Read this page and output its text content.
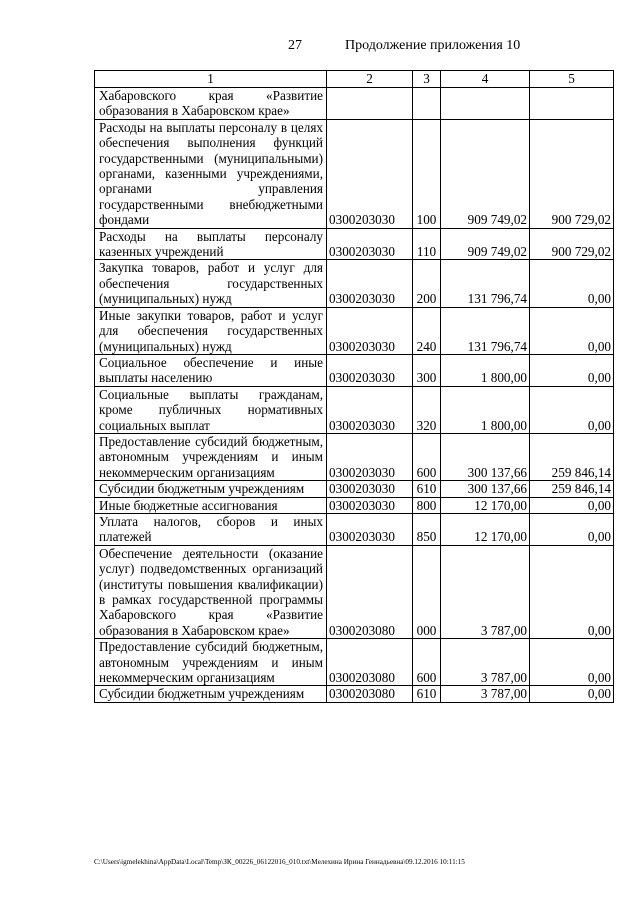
27	Продолжение приложения 10
1	2	3	4	5
Хабаровского края «Развитие образования в Хабаровском крае»				
Расходы на выплаты персоналу в целях обеспечения выполнения функций государственными (муниципальными) органами, казенными учреждениями, органами управления государственными внебюджетными фондами	0300203030	100	909 749,02	900 729,02
Расходы на выплаты персоналу казенных учреждений	0300203030	110	909 749,02	900 729,02
Закупка товаров, работ и услуг для обеспечения государственных (муниципальных) нужд	0300203030	200	131 796,74	0,00
Иные закупки товаров, работ и услуг для обеспечения государственных (муниципальных) нужд	0300203030	240	131 796,74	0,00
Социальное обеспечение и иные выплаты населению	0300203030	300	1 800,00	0,00
Социальные выплаты гражданам, кроме публичных нормативных социальных выплат	0300203030	320	1 800,00	0,00
Предоставление субсидий бюджетным, автономным учреждениям и иным некоммерческим организациям	0300203030	600	300 137,66	259 846,14
Субсидии бюджетным учреждениям	0300203030	610	300 137,66	259 846,14
Иные бюджетные ассигнования	0300203030	800	12 170,00	0,00
Уплата налогов, сборов и иных платежей	0300203030	850	12 170,00	0,00
Обеспечение деятельности (оказание услуг) подведомственных организаций (институты повышения квалификации) в рамках государственной программы Хабаровского края «Развитие образования в Хабаровском крае»	0300203080	000	3 787,00	0,00
Предоставление субсидий бюджетным, автономным учреждениям и иным некоммерческим организациям	0300203080	600	3 787,00	0,00
Субсидии бюджетным учреждениям	0300203080	610	3 787,00	0,00
C:\Users\igmelekhina\AppData\Local\Temp\ЗК_00226_06122016_010.txt\Мелехина Ирина Геннадьевна\09.12.2016 10:11:15
